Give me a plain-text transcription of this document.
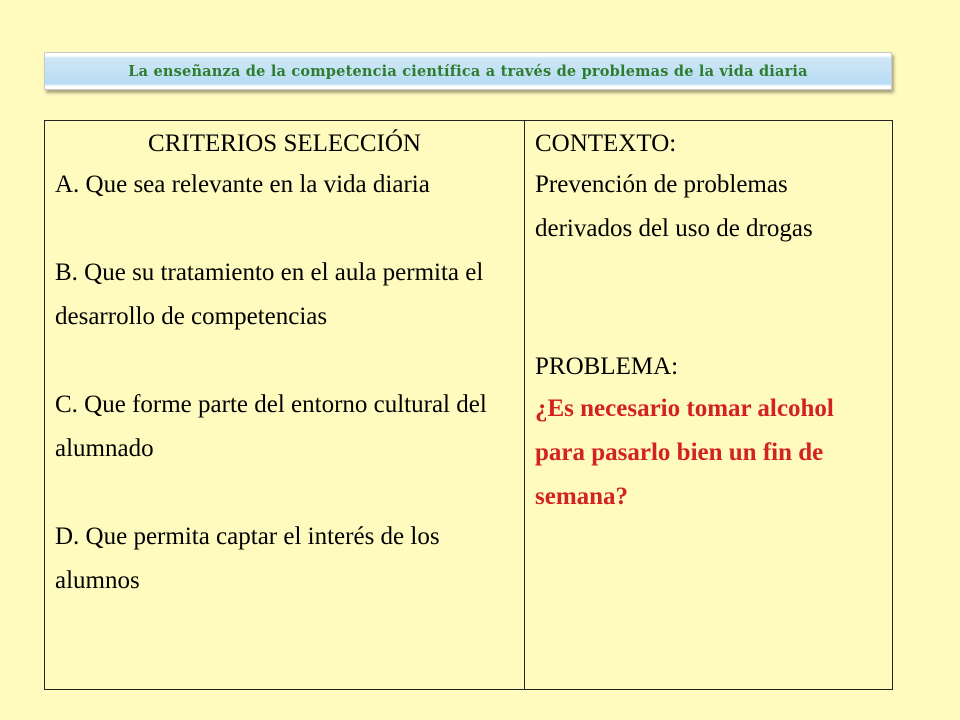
La enseñanza de la competencia científica a través de problemas de la vida diaria
CRITERIOS SELECCIÓN
A. Que sea relevante en la vida diaria
B. Que su tratamiento en el aula permita el desarrollo de competencias
C. Que forme parte del entorno cultural del alumnado
D. Que permita captar el interés de los alumnos

CONTEXTO:
Prevención de problemas derivados del uso de drogas
PROBLEMA:
¿Es necesario tomar alcohol para pasarlo bien un fin de semana?
